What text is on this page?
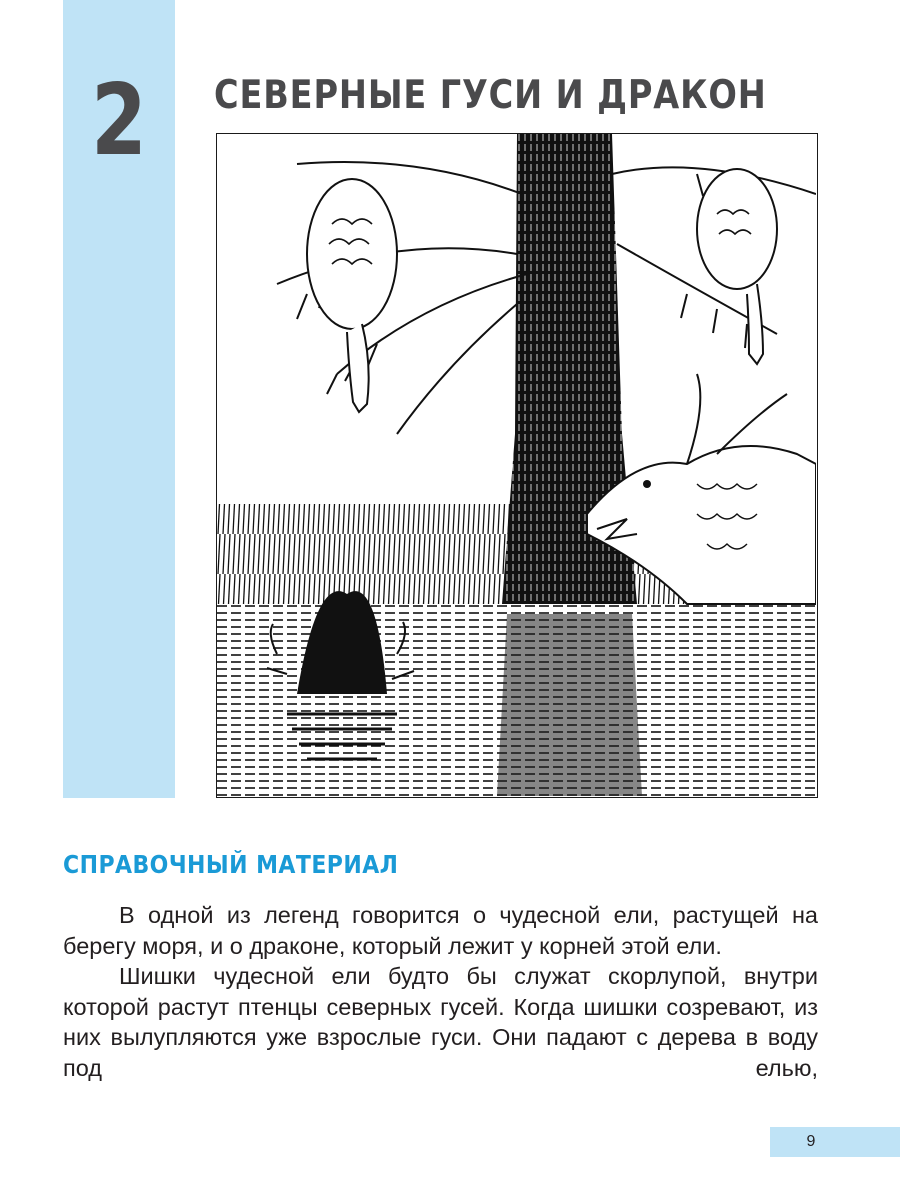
2	СЕВЕРНЫЕ ГУСИ И ДРАКОН
СПРАВОЧНЫЙ МАТЕРИАЛ

В одной из легенд говорится о чудесной ели, растущей на берегу моря, и о драконе, который лежит у корней этой ели.

Шишки чудесной ели будто бы служат скорлупой, внутри которой растут птенцы северных гусей. Когда шишки созревают, из них вылупляются уже взрослые гуси. Они падают с дерева в воду под елью,

9
